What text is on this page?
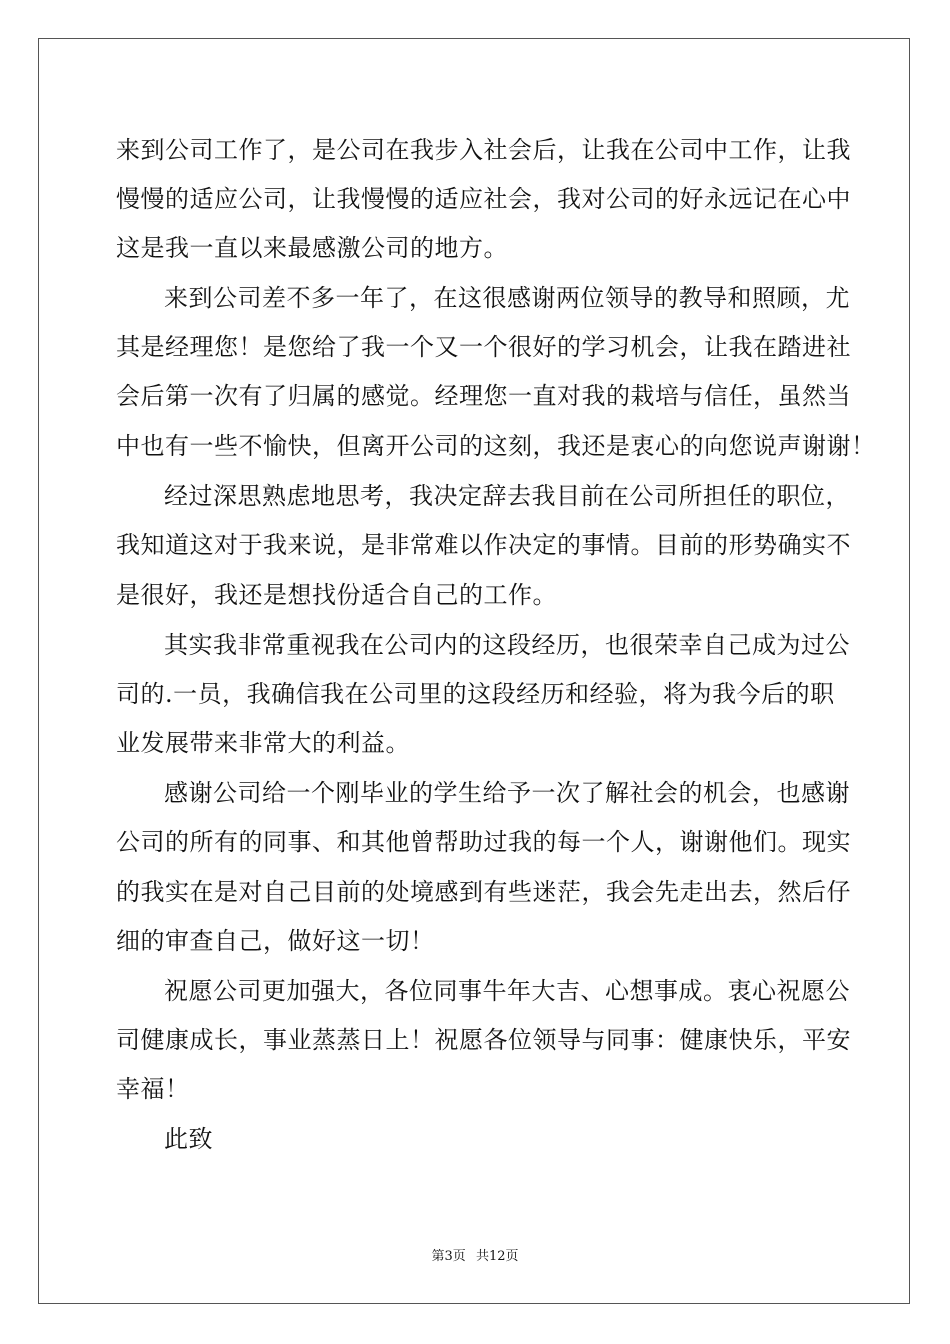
来到公司工作了，是公司在我步入社会后，让我在公司中工作，让我
慢慢的适应公司，让我慢慢的适应社会，我对公司的好永远记在心中
这是我一直以来最感激公司的地方。
来到公司差不多一年了，在这很感谢两位领导的教导和照顾，尤
其是经理您！是您给了我一个又一个很好的学习机会，让我在踏进社
会后第一次有了归属的感觉。经理您一直对我的栽培与信任，虽然当
中也有一些不愉快，但离开公司的这刻，我还是衷心的向您说声谢谢！
经过深思熟虑地思考，我决定辞去我目前在公司所担任的职位，
我知道这对于我来说，是非常难以作决定的事情。目前的形势确实不
是很好，我还是想找份适合自己的工作。
其实我非常重视我在公司内的这段经历，也很荣幸自己成为过公
司的.一员，我确信我在公司里的这段经历和经验，将为我今后的职
业发展带来非常大的利益。
感谢公司给一个刚毕业的学生给予一次了解社会的机会，也感谢
公司的所有的同事、和其他曾帮助过我的每一个人，谢谢他们。现实
的我实在是对自己目前的处境感到有些迷茫，我会先走出去，然后仔
细的审查自己，做好这一切！
祝愿公司更加强大，各位同事牛年大吉、心想事成。衷心祝愿公
司健康成长，事业蒸蒸日上！祝愿各位领导与同事：健康快乐，平安
幸福！
此致
第3页 共12页
